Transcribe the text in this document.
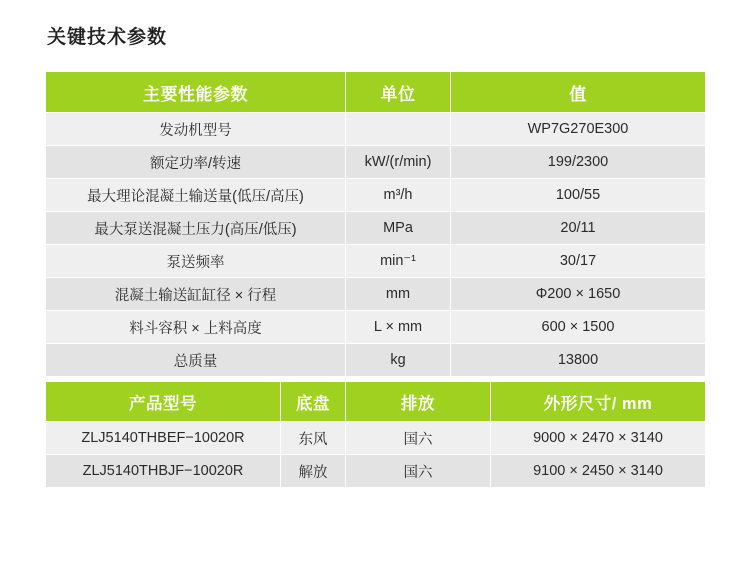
关键技术参数
主要性能参数	单位	值
发动机型号		WP7G270E300
额定功率/转速	kW/(r/min)	199/2300
最大理论混凝土输送量(低压/高压)	m³/h	100/55
最大泵送混凝土压力(高压/低压)	MPa	20/11
泵送频率	min⁻¹	30/17
混凝土输送缸缸径 × 行程	mm	Φ200 × 1650
料斗容积 × 上料高度	L × mm	600 × 1500
总质量	kg	13800
产品型号	底盘	排放	外形尺寸/ mm
ZLJ5140THBEF−10020R	东风	国六	9000 × 2470 × 3140
ZLJ5140THBJF−10020R	解放	国六	9100 × 2450 × 3140
